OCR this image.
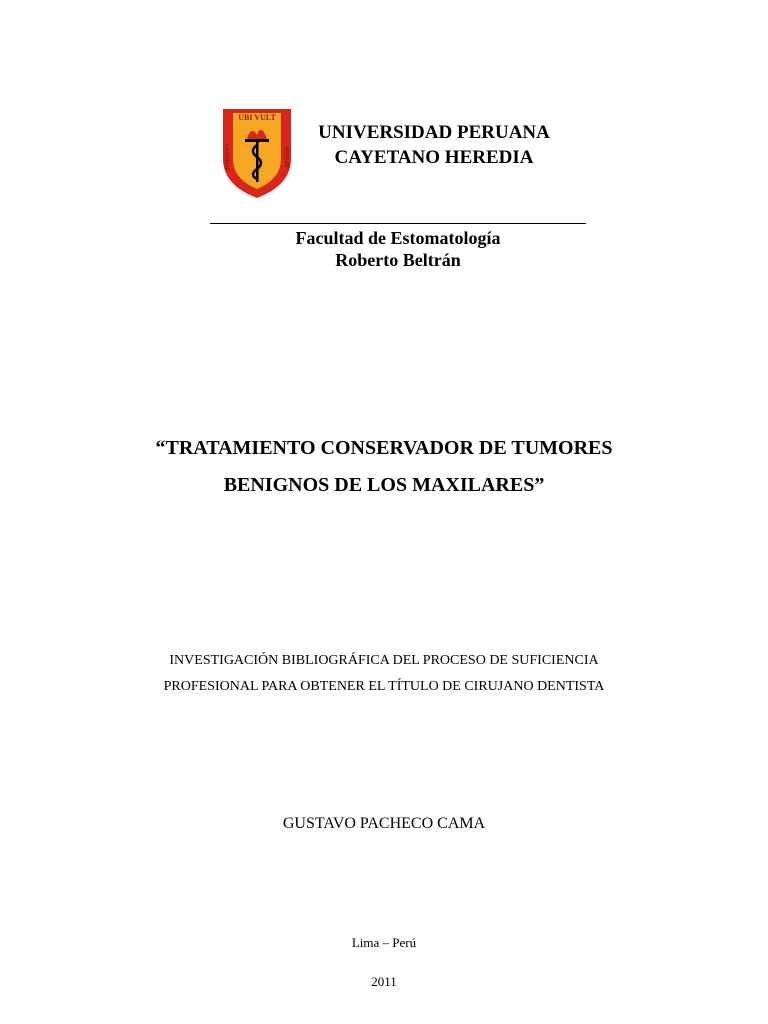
UBI VULT
SPIRITUS	SPIRAT
UNIVERSIDAD PERUANA
CAYETANO HEREDIA
Facultad de Estomatología
Roberto Beltrán
“TRATAMIENTO CONSERVADOR DE TUMORES
BENIGNOS DE LOS MAXILARES”
INVESTIGACIÓN BIBLIOGRÁFICA DEL PROCESO DE SUFICIENCIA
PROFESIONAL PARA OBTENER EL TÍTULO DE CIRUJANO DENTISTA
GUSTAVO PACHECO CAMA
Lima – Perú
2011
